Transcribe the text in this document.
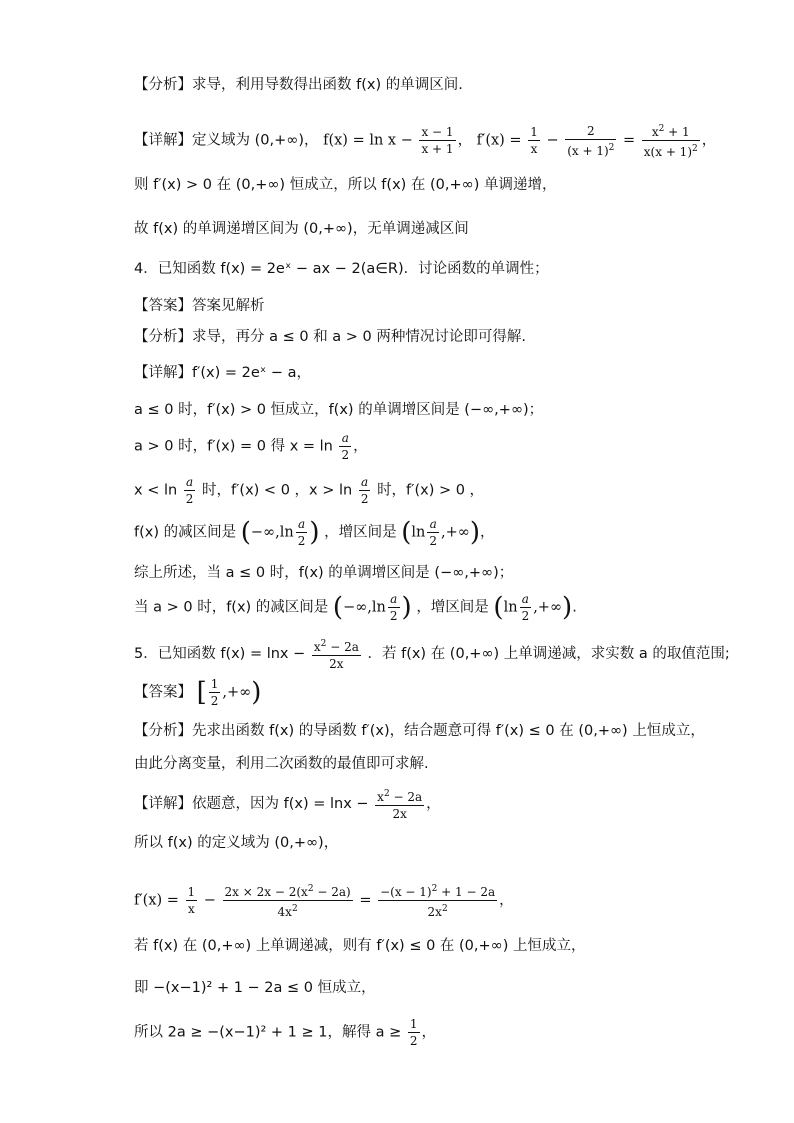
【分析】求导，利用导数得出函数 f(x) 的单调区间.
【详解】定义域为 (0,+∞)， $f(x) = \ln x - \frac{x - 1}{x + 1}$ ， $f'(x) = \frac{1}{x} - \frac{2}{(x + 1)^2} = \frac{x^2 + 1}{x(x + 1)^2}$ ，
则 f′(x) > 0 在 (0,+∞) 恒成立，所以 f(x) 在 (0,+∞) 单调递增，
故 f(x) 的单调递增区间为 (0,+∞)，无单调递减区间
4．已知函数 f(x) = 2eˣ − ax − 2(a∈R)．讨论函数的单调性；
【答案】答案见解析
【分析】求导，再分 a ≤ 0 和 a > 0 两种情况讨论即可得解.
【详解】f′(x) = 2eˣ − a，
a ≤ 0 时，f′(x) > 0 恒成立，f(x) 的单调增区间是 (−∞,+∞)；
a > 0 时，f′(x) = 0 得 $x = \ln \frac{a}{2}$ ，
$x < \ln \frac{a}{2}$ 时，f′(x) < 0 ，$x > \ln \frac{a}{2}$ 时，f′(x) > 0 ，
f(x) 的减区间是 ($-\infty,\ln \frac{a}{2}$ ) ，增区间是 ($\ln \frac{a}{2}$ ,+∞)，
综上所述，当 a ≤ 0 时，f(x) 的单调增区间是 (−∞,+∞)；
当 a > 0 时，f(x) 的减区间是 ($-\infty,\ln \frac{a}{2}$ ) ，增区间是 ($\ln \frac{a}{2}$ ,+∞).
5．已知函数 $f(x) = \ln x - \frac{x^2 - 2a}{2x}$ ．若 f(x) 在 (0,+∞) 上单调递减，求实数 a 的取值范围;
【答案】 [ $\frac{1}{2}$ ,+∞)
【分析】先求出函数 f(x) 的导函数 f′(x)，结合题意可得 f′(x) ≤ 0 在 (0,+∞) 上恒成立，
由此分离变量，利用二次函数的最值即可求解.
【详解】依题意，因为 $f(x) = \ln x - \frac{x^2 - 2a}{2x}$ ，
所以 f(x) 的定义域为 (0,+∞)，
$f'(x) = \frac{1}{x} - \frac{2x \times 2x - 2(x^2 - 2a)}{4x^2} = \frac{-(x - 1)^2 + 1 - 2a}{2x^2}$ ，
若 f(x) 在 (0,+∞) 上单调递减，则有 f′(x) ≤ 0 在 (0,+∞) 上恒成立，
即 −(x−1)² + 1 − 2a ≤ 0 恒成立，
所以 2a ≥ −(x−1)² + 1 ≥ 1，解得 $a \ge \frac{1}{2}$ ，
